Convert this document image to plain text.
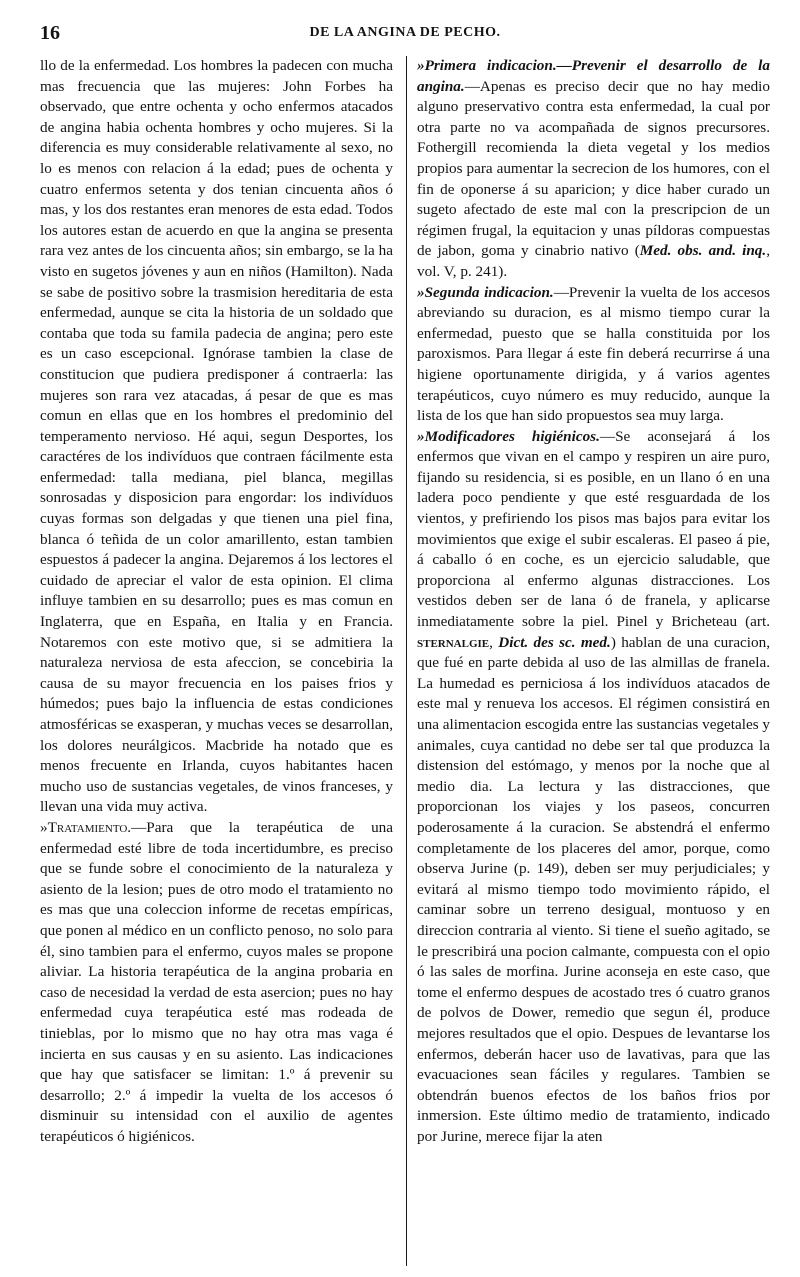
16	DE LA ANGINA DE PECHO.

llo de la enfermedad. Los hombres la padecen con mucha mas frecuencia que las mujeres: John Forbes ha observado, que entre ochenta y ocho enfermos atacados de angina habia ochenta hombres y ocho mujeres. Si la diferencia es muy considerable relativamente al sexo, no lo es menos con relacion á la edad; pues de ochenta y cuatro enfermos setenta y dos tenian cincuenta años ó mas, y los dos restantes eran menores de esta edad. Todos los autores estan de acuerdo en que la angina se presenta rara vez antes de los cincuenta años; sin embargo, se la ha visto en sugetos jóvenes y aun en niños (Hamilton). Nada se sabe de positivo sobre la trasmision hereditaria de esta enfermedad, aunque se cita la historia de un soldado que contaba que toda su famila padecia de angina; pero este es un caso escepcional. Ignórase tambien la clase de constitucion que pudiera predisponer á contraerla: las mujeres son rara vez atacadas, á pesar de que es mas comun en ellas que en los hombres el predominio del temperamento nervioso. Hé aqui, segun Desportes, los caractéres de los indivíduos que contraen fácilmente esta enfermedad: talla mediana, piel blanca, megillas sonrosadas y disposicion para engordar: los indivíduos cuyas formas son delgadas y que tienen una piel fina, blanca ó teñida de un color amarillento, estan tambien espuestos á padecer la angina. Dejaremos á los lectores el cuidado de apreciar el valor de esta opinion. El clima influye tambien en su desarrollo; pues es mas comun en Inglaterra, que en España, en Italia y en Francia. Notaremos con este motivo que, si se admitiera la naturaleza nerviosa de esta afeccion, se concebiria la causa de su mayor frecuencia en los paises frios y húmedos; pues bajo la influencia de estas condiciones atmosféricas se exasperan, y muchas veces se desarrollan, los dolores neurálgicos. Macbride ha notado que es menos frecuente en Irlanda, cuyos habitantes hacen mucho uso de sustancias vegetales, de vinos franceses, y llevan una vida muy activa.

»Tratamiento.—Para que la terapéutica de una enfermedad esté libre de toda incertidumbre, es preciso que se funde sobre el conocimiento de la naturaleza y asiento de la lesion; pues de otro modo el tratamiento no es mas que una coleccion informe de recetas empíricas, que ponen al médico en un conflicto penoso, no solo para él, sino tambien para el enfermo, cuyos males se propone aliviar. La historia terapéutica de la angina probaria en caso de necesidad la verdad de esta asercion; pues no hay enfermedad cuya terapéutica esté mas rodeada de tinieblas, por lo mismo que no hay otra mas vaga é incierta en sus causas y en su asiento. Las indicaciones que hay que satisfacer se limitan: 1.º á prevenir su desarrollo; 2.º á impedir la vuelta de los accesos ó disminuir su intensidad con el auxilio de agentes terapéuticos ó higiénicos.

»Primera indicacion.—Prevenir el desarrollo de la angina.—Apenas es preciso decir que no hay medio alguno preservativo contra esta enfermedad, la cual por otra parte no va acompañada de signos precursores. Fothergill recomienda la dieta vegetal y los medios propios para aumentar la secrecion de los humores, con el fin de oponerse á su aparicion; y dice haber curado un sugeto afectado de este mal con la prescripcion de un régimen frugal, la equitacion y unas píldoras compuestas de jabon, goma y cinabrio nativo (Med. obs. and. inq., vol. V, p. 241).

»Segunda indicacion.—Prevenir la vuelta de los accesos abreviando su duracion, es al mismo tiempo curar la enfermedad, puesto que se halla constituida por los paroxismos. Para llegar á este fin deberá recurrirse á una higiene oportunamente dirigida, y á varios agentes terapéuticos, cuyo número es muy reducido, aunque la lista de los que han sido propuestos sea muy larga.

»Modificadores higiénicos.—Se aconsejará á los enfermos que vivan en el campo y respiren un aire puro, fijando su residencia, si es posible, en un llano ó en una ladera poco pendiente y que esté resguardada de los vientos, y prefiriendo los pisos mas bajos para evitar los movimientos que exige el subir escaleras. El paseo á pie, á caballo ó en coche, es un ejercicio saludable, que proporciona al enfermo algunas distracciones. Los vestidos deben ser de lana ó de franela, y aplicarse inmediatamente sobre la piel. Pinel y Bricheteau (art. sternalgie, Dict. des sc. med.) hablan de una curacion, que fué en parte debida al uso de las almillas de franela. La humedad es perniciosa á los indivíduos atacados de este mal y renueva los accesos. El régimen consistirá en una alimentacion escogida entre las sustancias vegetales y animales, cuya cantidad no debe ser tal que produzca la distension del estómago, y menos por la noche que al medio dia. La lectura y las distracciones, que proporcionan los viajes y los paseos, concurren poderosamente á la curacion. Se abstendrá el enfermo completamente de los placeres del amor, porque, como observa Jurine (p. 149), deben ser muy perjudiciales; y evitará al mismo tiempo todo movimiento rápido, el caminar sobre un terreno desigual, montuoso y en direccion contraria al viento. Si tiene el sueño agitado, se le prescribirá una pocion calmante, compuesta con el opio ó las sales de morfina. Jurine aconseja en este caso, que tome el enfermo despues de acostado tres ó cuatro granos de polvos de Dower, remedio que segun él, produce mejores resultados que el opio. Despues de levantarse los enfermos, deberán hacer uso de lavativas, para que las evacuaciones sean fáciles y regulares. Tambien se obtendrán buenos efectos de los baños frios por inmersion. Este último medio de tratamiento, indicado por Jurine, merece fijar la aten
